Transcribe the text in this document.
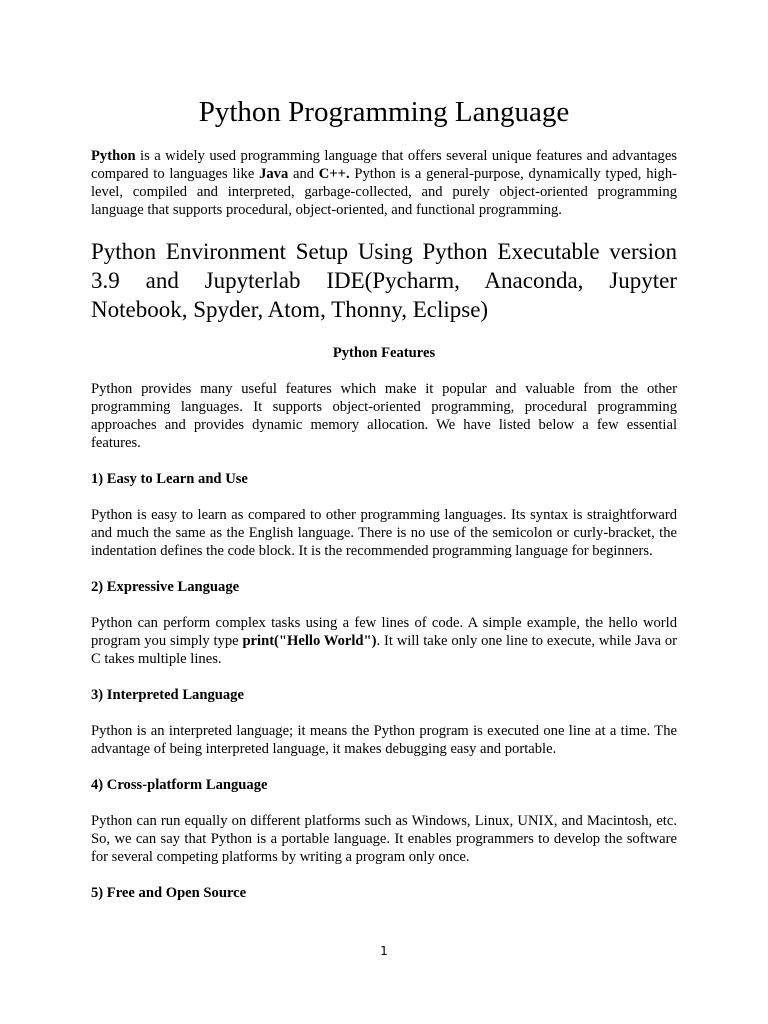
Python Programming Language

Python is a widely used programming language that offers several unique features and advantages compared to languages like Java and C++. Python is a general-purpose, dynamically typed, high-level, compiled and interpreted, garbage-collected, and purely object-oriented programming language that supports procedural, object-oriented, and functional programming.

Python Environment Setup Using Python Executable version 3.9 and Jupyterlab IDE(Pycharm, Anaconda, Jupyter Notebook, Spyder, Atom, Thonny, Eclipse)
Python Features

Python provides many useful features which make it popular and valuable from the other programming languages. It supports object-oriented programming, procedural programming approaches and provides dynamic memory allocation. We have listed below a few essential features.

1) Easy to Learn and Use

Python is easy to learn as compared to other programming languages. Its syntax is straightforward and much the same as the English language. There is no use of the semicolon or curly-bracket, the indentation defines the code block. It is the recommended programming language for beginners.

2) Expressive Language

Python can perform complex tasks using a few lines of code. A simple example, the hello world program you simply type print("Hello World"). It will take only one line to execute, while Java or C takes multiple lines.

3) Interpreted Language

Python is an interpreted language; it means the Python program is executed one line at a time. The advantage of being interpreted language, it makes debugging easy and portable.

4) Cross-platform Language

Python can run equally on different platforms such as Windows, Linux, UNIX, and Macintosh, etc. So, we can say that Python is a portable language. It enables programmers to develop the software for several competing platforms by writing a program only once.

5) Free and Open Source
1
